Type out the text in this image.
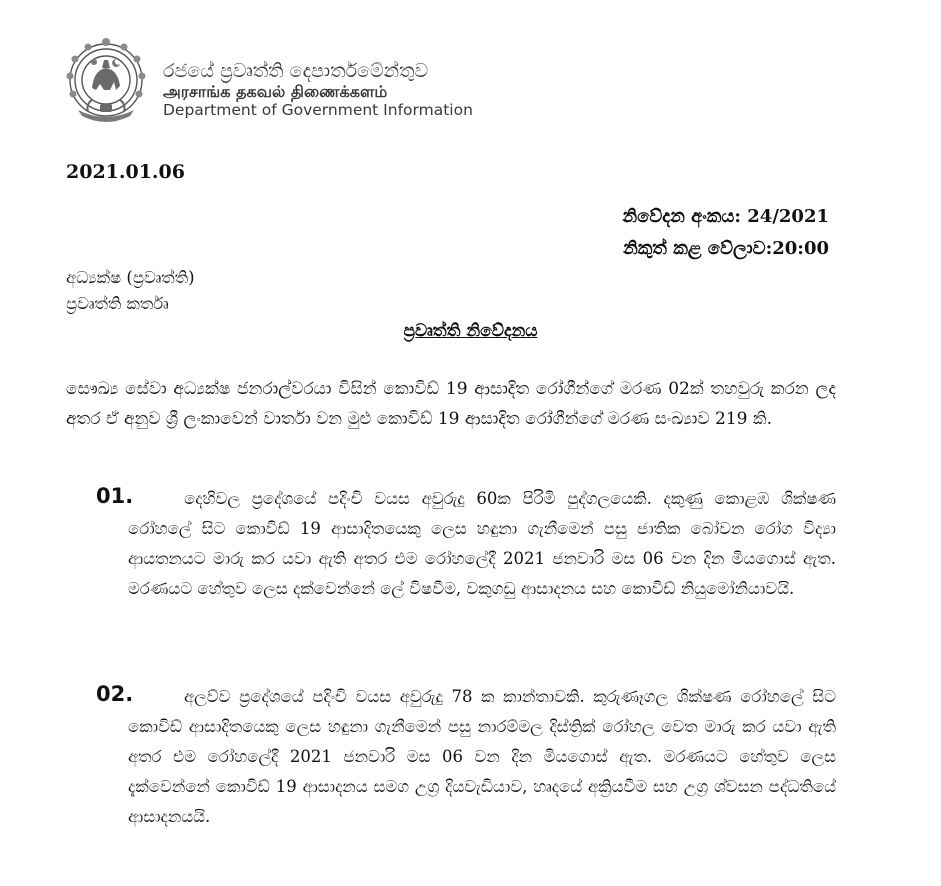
රජයේ ප්‍රවෘත්ති දෙපාර්තමේන්තුව
அரசாங்க தகவல் திணைக்களம்
Department of Government Information
2021.01.06
නිවේදන අංකය: 24/2021
නිකුත් කළ වේලාව:20:00
අධ්‍යක්ෂ (ප්‍රවෘත්ති)
ප්‍රවෘත්ති කර්තෘ
ප්‍රවෘත්ති නිවේදනය
සෞඛ්‍ය සේවා අධ්‍යක්ෂ ජනරාල්වරයා විසින් කොවිඩ් 19 ආසාදිත රෝගීන්ගේ මරණ 02ක් තහවුරු කරන ලද අතර ඒ අනුව ශ්‍රී ලංකාවෙන් වාර්තා වන මුළු කොවිඩ් 19 ආසාදිත රෝගීන්ගේ මරණ සංඛ්‍යාව 219 කි.
01.	දෙහිවල ප්‍රදේශයේ පදිංචි වයස අවුරුදු 60ක පිරිමි පුද්ගලයෙකි. දකුණු කොළඹ ශික්ෂණ රෝහලේ සිට කොවිඩ් 19 ආසාදිතයෙකු ලෙස හඳුනා ගැනීමෙන් පසු ජාතික බෝවන රෝග විද්‍යා ආයතනයට මාරු කර යවා ඇති අතර එම රෝහලේදී 2021 ජනවාරි මස 06 වන දින මියගොස් ඇත. මරණයට හේතුව ලෙස දක්වෙන්නේ ලේ විෂවීම, වකුගඩු ආසාදනය සහ කොවිඩ් නියුමෝනියාවයි.
02.	අලව්ව ප්‍රදේශයේ පදිංචි වයස අවුරුදු 78 ක කාන්තාවකි. කුරුණෑගල ශික්ෂණ රෝහලේ සිට කොවිඩ් ආසාදිතයෙකු ලෙස හඳුනා ගැනීමෙන් පසු නාරම්මල දිස්ත්‍රික් රෝහල වෙත මාරු කර යවා ඇති අතර එම රෝහලේදී 2021 ජනවාරි මස 06 වන දින මියගොස් ඇත. මරණයට හේතුව ලෙස දැක්වෙන්නේ කොවිඩ් 19 ආසාදනය සමග උග්‍ර දියවැඩියාව, හෘදයේ අක්‍රියවීම සහ උග්‍ර ශ්වසන පද්ධතියේ ආසාදනයයි.
